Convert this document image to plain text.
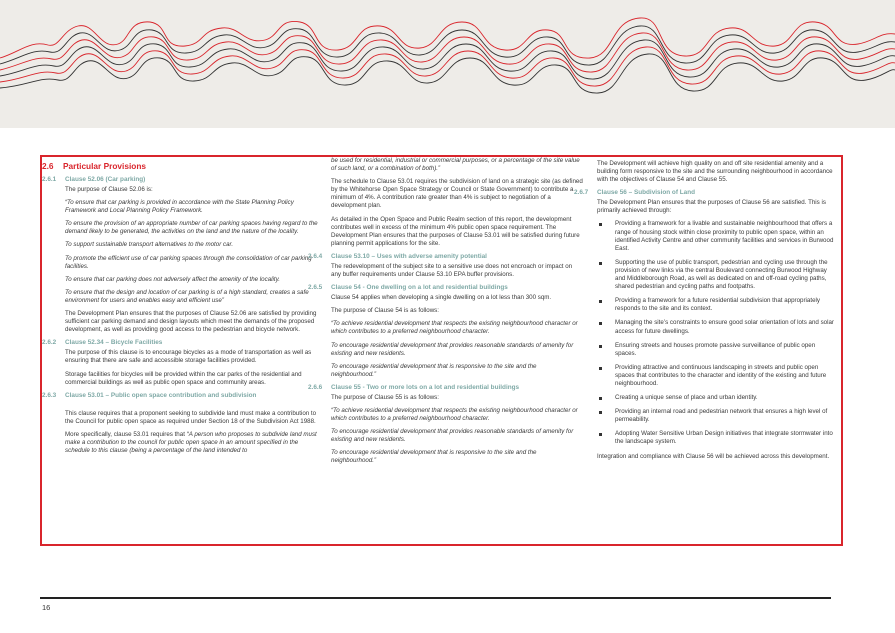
2.6 Particular Provisions
2.6.1 Clause 52.06 (Car parking)

The purpose of Clause 52.06 is:

“To ensure that car parking is provided in accordance with the State Planning Policy Framework and Local Planning Policy Framework.

To ensure the provision of an appropriate number of car parking spaces having regard to the demand likely to be generated, the activities on the land and the nature of the locality.

To support sustainable transport alternatives to the motor car.

To promote the efficient use of car parking spaces through the consolidation of car parking facilities.

To ensure that car parking does not adversely affect the amenity of the locality.

To ensure that the design and location of car parking is of a high standard, creates a safe environment for users and enables easy and efficient use”

The Development Plan ensures that the purposes of Clause 52.06 are satisfied by providing sufficient car parking demand and design layouts which meet the demands of the proposed development, as well as providing good access to the pedestrian and bicycle network.

2.6.2 Clause 52.34 – Bicycle Facilities

The purpose of this clause is to encourage bicycles as a mode of transportation as well as ensuring that there are safe and accessible storage facilities provided.

Storage facilities for bicycles will be provided within the car parks of the residential and commercial buildings as well as public open space and community areas.

2.6.3 Clause 53.01 – Public open space contribution and subdivision

This clause requires that a proponent seeking to subdivide land must make a contribution to the Council for public open space as required under Section 18 of the Subdivision Act 1988.

More specifically, clause 53.01 requires that “A person who proposes to subdivide land must make a contribution to the council for public open space in an amount specified in the schedule to this clause (being a percentage of the land intended to

be used for residential, industrial or commercial purposes, or a percentage of the site value of such land, or a combination of both).”

The schedule to Clause 53.01 requires the subdivision of land on a strategic site (as defined by the Whitehorse Open Space Strategy or Council or State Government) to contribute a minimum of 4%. A contribution rate greater than 4% is subject to negotiation of a development plan.

As detailed in the Open Space and Public Realm section of this report, the development contributes well in excess of the minimum 4% public open space requirement. The Development Plan ensures that the purposes of Clause 53.01 will be satisfied during future planning permit applications for the site.

2.6.4 Clause 53.10 – Uses with adverse amenity potential

The redevelopment of the subject site to a sensitive use does not encroach or impact on any buffer requirements under Clause 53.10 EPA buffer provisions.

2.6.5 Clause 54 - One dwelling on a lot and residential buildings

Clause 54 applies when developing a single dwelling on a lot less than 300 sqm.

The purpose of Clause 54 is as follows:

“To achieve residential development that respects the existing neighbourhood character or which contributes to a preferred neighbourhood character.

To encourage residential development that provides reasonable standards of amenity for existing and new residents.

To encourage residential development that is responsive to the site and the neighbourhood.”

2.6.6 Clause 55 - Two or more lots on a lot and residential buildings

The purpose of Clause 55 is as follows:

“To achieve residential development that respects the existing neighbourhood character or which contributes to a preferred neighbourhood character.

To encourage residential development that provides reasonable standards of amenity for existing and new residents.

To encourage residential development that is responsive to the site and the neighbourhood.”

The Development will achieve high quality on and off site residential amenity and a building form responsive to the site and the surrounding neighbourhood in accordance with the objectives of Clause 54 and Clause 55.

2.6.7 Clause 56 – Subdivision of Land

The Development Plan ensures that the purposes of Clause 56 are satisfied. This is primarily achieved through:

Providing a framework for a livable and sustainable neighbourhood that offers a range of housing stock within close proximity to public open space, within an identified Activity Centre and other community facilities and services in Burwood East.
Supporting the use of public transport, pedestrian and cycling use through the provision of new links via the central Boulevard connecting Burwood Highway and Middleborough Road, as well as dedicated on and off-road cycling paths, shared pedestrian and cycling paths and footpaths.
Providing a framework for a future residential subdivision that appropriately responds to the site and its context.
Managing the site’s constraints to ensure good solar orientation of lots and solar access for future dwellings.
Ensuring streets and houses promote passive surveillance of public open spaces.
Providing attractive and continuous landscaping in streets and public open spaces that contributes to the character and identity of the existing and future neighbourhood.
Creating a unique sense of place and urban identity.
Providing an internal road and pedestrian network that ensures a high level of permeability.
Adopting Water Sensitive Urban Design initiatives that integrate stormwater into the landscape system.

Integration and compliance with Clause 56 will be achieved across this development.

16
